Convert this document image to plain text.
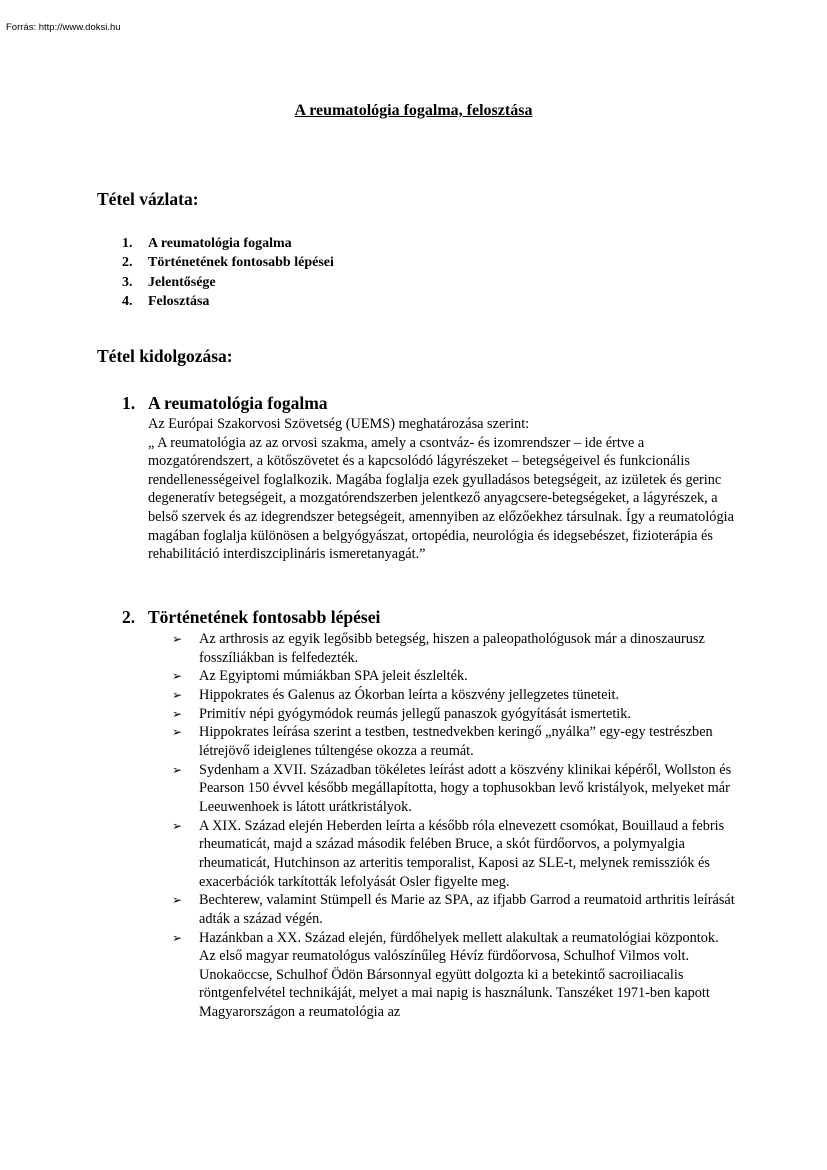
Forrás: http://www.doksi.hu
A reumatológia fogalma, felosztása
Tétel vázlata:
1. A reumatológia fogalma
2. Történetének fontosabb lépései
3. Jelentősége
4. Felosztása
Tétel kidolgozása:
1. A reumatológia fogalma

Az Európai Szakorvosi Szövetség (UEMS) meghatározása szerint:

„ A reumatológia az az orvosi szakma, amely a csontváz- és izomrendszer – ide értve a mozgatórendszert, a kötőszövetet és a kapcsolódó lágyrészeket – betegségeivel és funkcionális rendellenességeivel foglalkozik. Magába foglalja ezek gyulladásos betegségeit, az izületek és gerinc degeneratív betegségeit, a mozgatórendszerben jelentkező anyagcsere-betegségeket, a lágyrészek, a belső szervek és az idegrendszer betegségeit, amennyiben az előzőekhez társulnak. Így a reumatológia magában foglalja különösen a belgyógyászat, ortopédia, neurológia és idegsebészet, fizioterápia és rehabilitáció interdiszciplináris ismeretanyagát.”

2. Történetének fontosabb lépései
➢ Az arthrosis az egyik legősibb betegség, hiszen a paleopathológusok már a dinoszaurusz fosszíliákban is felfedezték.
➢ Az Egyiptomi múmiákban SPA jeleit észlelték.
➢ Hippokrates és Galenus az Ókorban leírta a köszvény jellegzetes tüneteit.
➢ Primitív népi gyógymódok reumás jellegű panaszok gyógyítását ismertetik.
➢ Hippokrates leírása szerint a testben, testnedvekben keringő „nyálka” egy-egy testrészben létrejövő ideiglenes túltengése okozza a reumát.
➢ Sydenham a XVII. Században tökéletes leírást adott a köszvény klinikai képéről, Wollston és Pearson 150 évvel később megállapította, hogy a tophusokban levő kristályok, melyeket már Leeuwenhoek is látott urátkristályok.
➢ A XIX. Század elején Heberden leírta a később róla elnevezett csomókat, Bouillaud a febris rheumaticát, majd a század második felében Bruce, a skót fürdőorvos, a polymyalgia rheumaticát, Hutchinson az arteritis temporalist, Kaposi az SLE-t, melynek remissziók és exacerbációk tarkították lefolyását Osler figyelte meg.
➢ Bechterew, valamint Stümpell és Marie az SPA, az ifjabb Garrod a reumatoid arthritis leírását adták a század végén.
➢ Hazánkban a XX. Század elején, fürdőhelyek mellett alakultak a reumatológiai központok. Az első magyar reumatológus valószínűleg Hévíz fürdőorvosa, Schulhof Vilmos volt. Unokaöccse, Schulhof Ödön Bársonnyal együtt dolgozta ki a betekintő sacroiliacalis röntgenfelvétel technikáját, melyet a mai napig is használunk. Tanszéket 1971-ben kapott Magyarországon a reumatológia az
